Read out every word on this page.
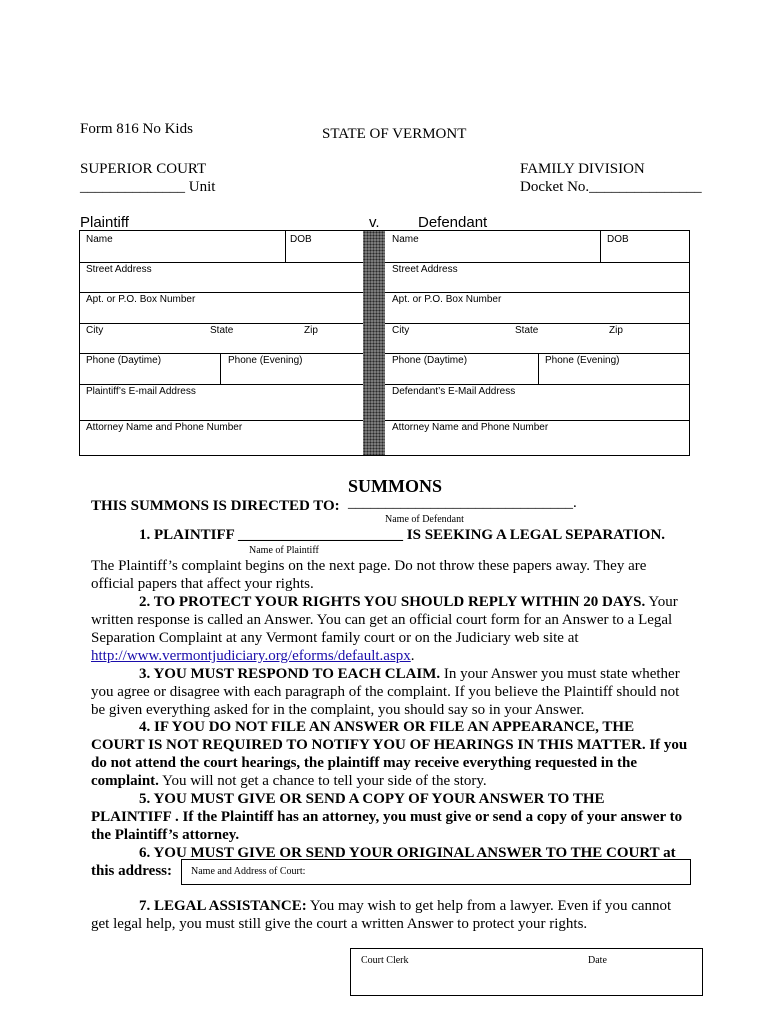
Form 816 No Kids	STATE OF VERMONT
SUPERIOR COURT
______________ Unit
FAMILY DIVISION
Docket No._______________
Plaintiff	v.	Defendant
Name	DOB
Street Address
Apt. or P.O. Box Number
City	State	Zip
Phone (Daytime)	Phone (Evening)
Plaintiff’s E-mail Address
Attorney Name and Phone Number
Name	DOB
Street Address
Apt. or P.O. Box Number
City	State	Zip
Phone (Daytime)	Phone (Evening)
Defendant’s E-Mail Address
Attorney Name and Phone Number
SUMMONS
THIS SUMMONS IS DIRECTED TO: ______________________________.
Name of Defendant
1. PLAINTIFF ______________________ IS SEEKING A LEGAL SEPARATION.
Name of Plaintiff
The Plaintiff’s complaint begins on the next page. Do not throw these papers away. They are
official papers that affect your rights.
2. TO PROTECT YOUR RIGHTS YOU SHOULD REPLY WITHIN 20 DAYS. Your
written response is called an Answer. You can get an official court form for an Answer to a Legal
Separation Complaint at any Vermont family court or on the Judiciary web site at
http://www.vermontjudiciary.org/eforms/default.aspx.
3. YOU MUST RESPOND TO EACH CLAIM. In your Answer you must state whether
you agree or disagree with each paragraph of the complaint. If you believe the Plaintiff should not
be given everything asked for in the complaint, you should say so in your Answer.
4. IF YOU DO NOT FILE AN ANSWER OR FILE AN APPEARANCE, THE
COURT IS NOT REQUIRED TO NOTIFY YOU OF HEARINGS IN THIS MATTER. If you
do not attend the court hearings, the plaintiff may receive everything requested in the
complaint. You will not get a chance to tell your side of the story.
5. YOU MUST GIVE OR SEND A COPY OF YOUR ANSWER TO THE
PLAINTIFF . If the Plaintiff has an attorney, you must give or send a copy of your answer to
the Plaintiff’s attorney.
6. YOU MUST GIVE OR SEND YOUR ORIGINAL ANSWER TO THE COURT at
this address: Name and Address of Court:
7. LEGAL ASSISTANCE: You may wish to get help from a lawyer. Even if you cannot
get legal help, you must still give the court a written Answer to protect your rights.
Court Clerk	Date
